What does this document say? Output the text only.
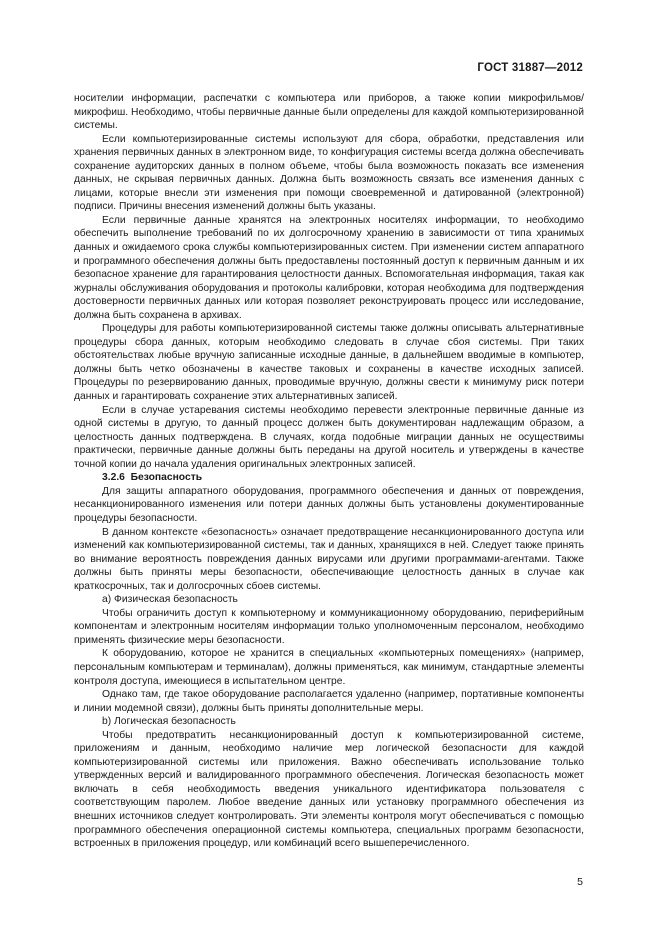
ГОСТ 31887—2012

носителии информации, распечатки с компьютера или приборов, а также копии микрофильмов/микрофиш. Необходимо, чтобы первичные данные были определены для каждой компьютеризированной системы.

Если компьютеризированные системы используют для сбора, обработки, представления или хранения первичных данных в электронном виде, то конфигурация системы всегда должна обеспечивать сохранение аудиторских данных в полном объеме, чтобы была возможность показать все изменения данных, не скрывая первичных данных. Должна быть возможность связать все изменения данных с лицами, которые внесли эти изменения при помощи своевременной и датированной (электронной) подписи. Причины внесения изменений должны быть указаны.

Если первичные данные хранятся на электронных носителях информации, то необходимо обеспечить выполнение требований по их долгосрочному хранению в зависимости от типа хранимых данных и ожидаемого срока службы компьютеризированных систем. При изменении систем аппаратного и программного обеспечения должны быть предоставлены постоянный доступ к первичным данным и их безопасное хранение для гарантирования целостности данных. Вспомогательная информация, такая как журналы обслуживания оборудования и протоколы калибровки, которая необходима для подтверждения достоверности первичных данных или которая позволяет реконструировать процесс или исследование, должна быть сохранена в архивах.

Процедуры для работы компьютеризированной системы также должны описывать альтернативные процедуры сбора данных, которым необходимо следовать в случае сбоя системы. При таких обстоятельствах любые вручную записанные исходные данные, в дальнейшем вводимые в компьютер, должны быть четко обозначены в качестве таковых и сохранены в качестве исходных записей. Процедуры по резервированию данных, проводимые вручную, должны свести к минимуму риск потери данных и гарантировать сохранение этих альтернативных записей.

Если в случае устаревания системы необходимо перевести электронные первичные данные из одной системы в другую, то данный процесс должен быть документирован надлежащим образом, а целостность данных подтверждена. В случаях, когда подобные миграции данных не осуществимы практически, первичные данные должны быть переданы на другой носитель и утверждены в качестве точной копии до начала удаления оригинальных электронных записей.

3.2.6 Безопасность

Для защиты аппаратного оборудования, программного обеспечения и данных от повреждения, несанкционированного изменения или потери данных должны быть установлены документированные процедуры безопасности.

В данном контексте «безопасность» означает предотвращение несанкционированного доступа или изменений как компьютеризированной системы, так и данных, хранящихся в ней. Следует также принять во внимание вероятность повреждения данных вирусами или другими программами-агентами. Также должны быть приняты меры безопасности, обеспечивающие целостность данных в случае как краткосрочных, так и долгосрочных сбоев системы.

а) Физическая безопасность

Чтобы ограничить доступ к компьютерному и коммуникационному оборудованию, периферийным компонентам и электронным носителям информации только уполномоченным персоналом, необходимо применять физические меры безопасности.

К оборудованию, которое не хранится в специальных «компьютерных помещениях» (например, персональным компьютерам и терминалам), должны применяться, как минимум, стандартные элементы контроля доступа, имеющиеся в испытательном центре.

Однако там, где такое оборудование располагается удаленно (например, портативные компоненты и линии модемной связи), должны быть приняты дополнительные меры.

b) Логическая безопасность

Чтобы предотвратить несанкционированный доступ к компьютеризированной системе, приложениям и данным, необходимо наличие мер логической безопасности для каждой компьютеризированной системы или приложения. Важно обеспечивать использование только утвержденных версий и валидированного программного обеспечения. Логическая безопасность может включать в себя необходимость введения уникального идентификатора пользователя с соответствующим паролем. Любое введение данных или установку программного обеспечения из внешних источников следует контролировать. Эти элементы контроля могут обеспечиваться с помощью программного обеспечения операционной системы компьютера, специальных программ безопасности, встроенных в приложения процедур, или комбинаций всего вышеперечисленного.

5
